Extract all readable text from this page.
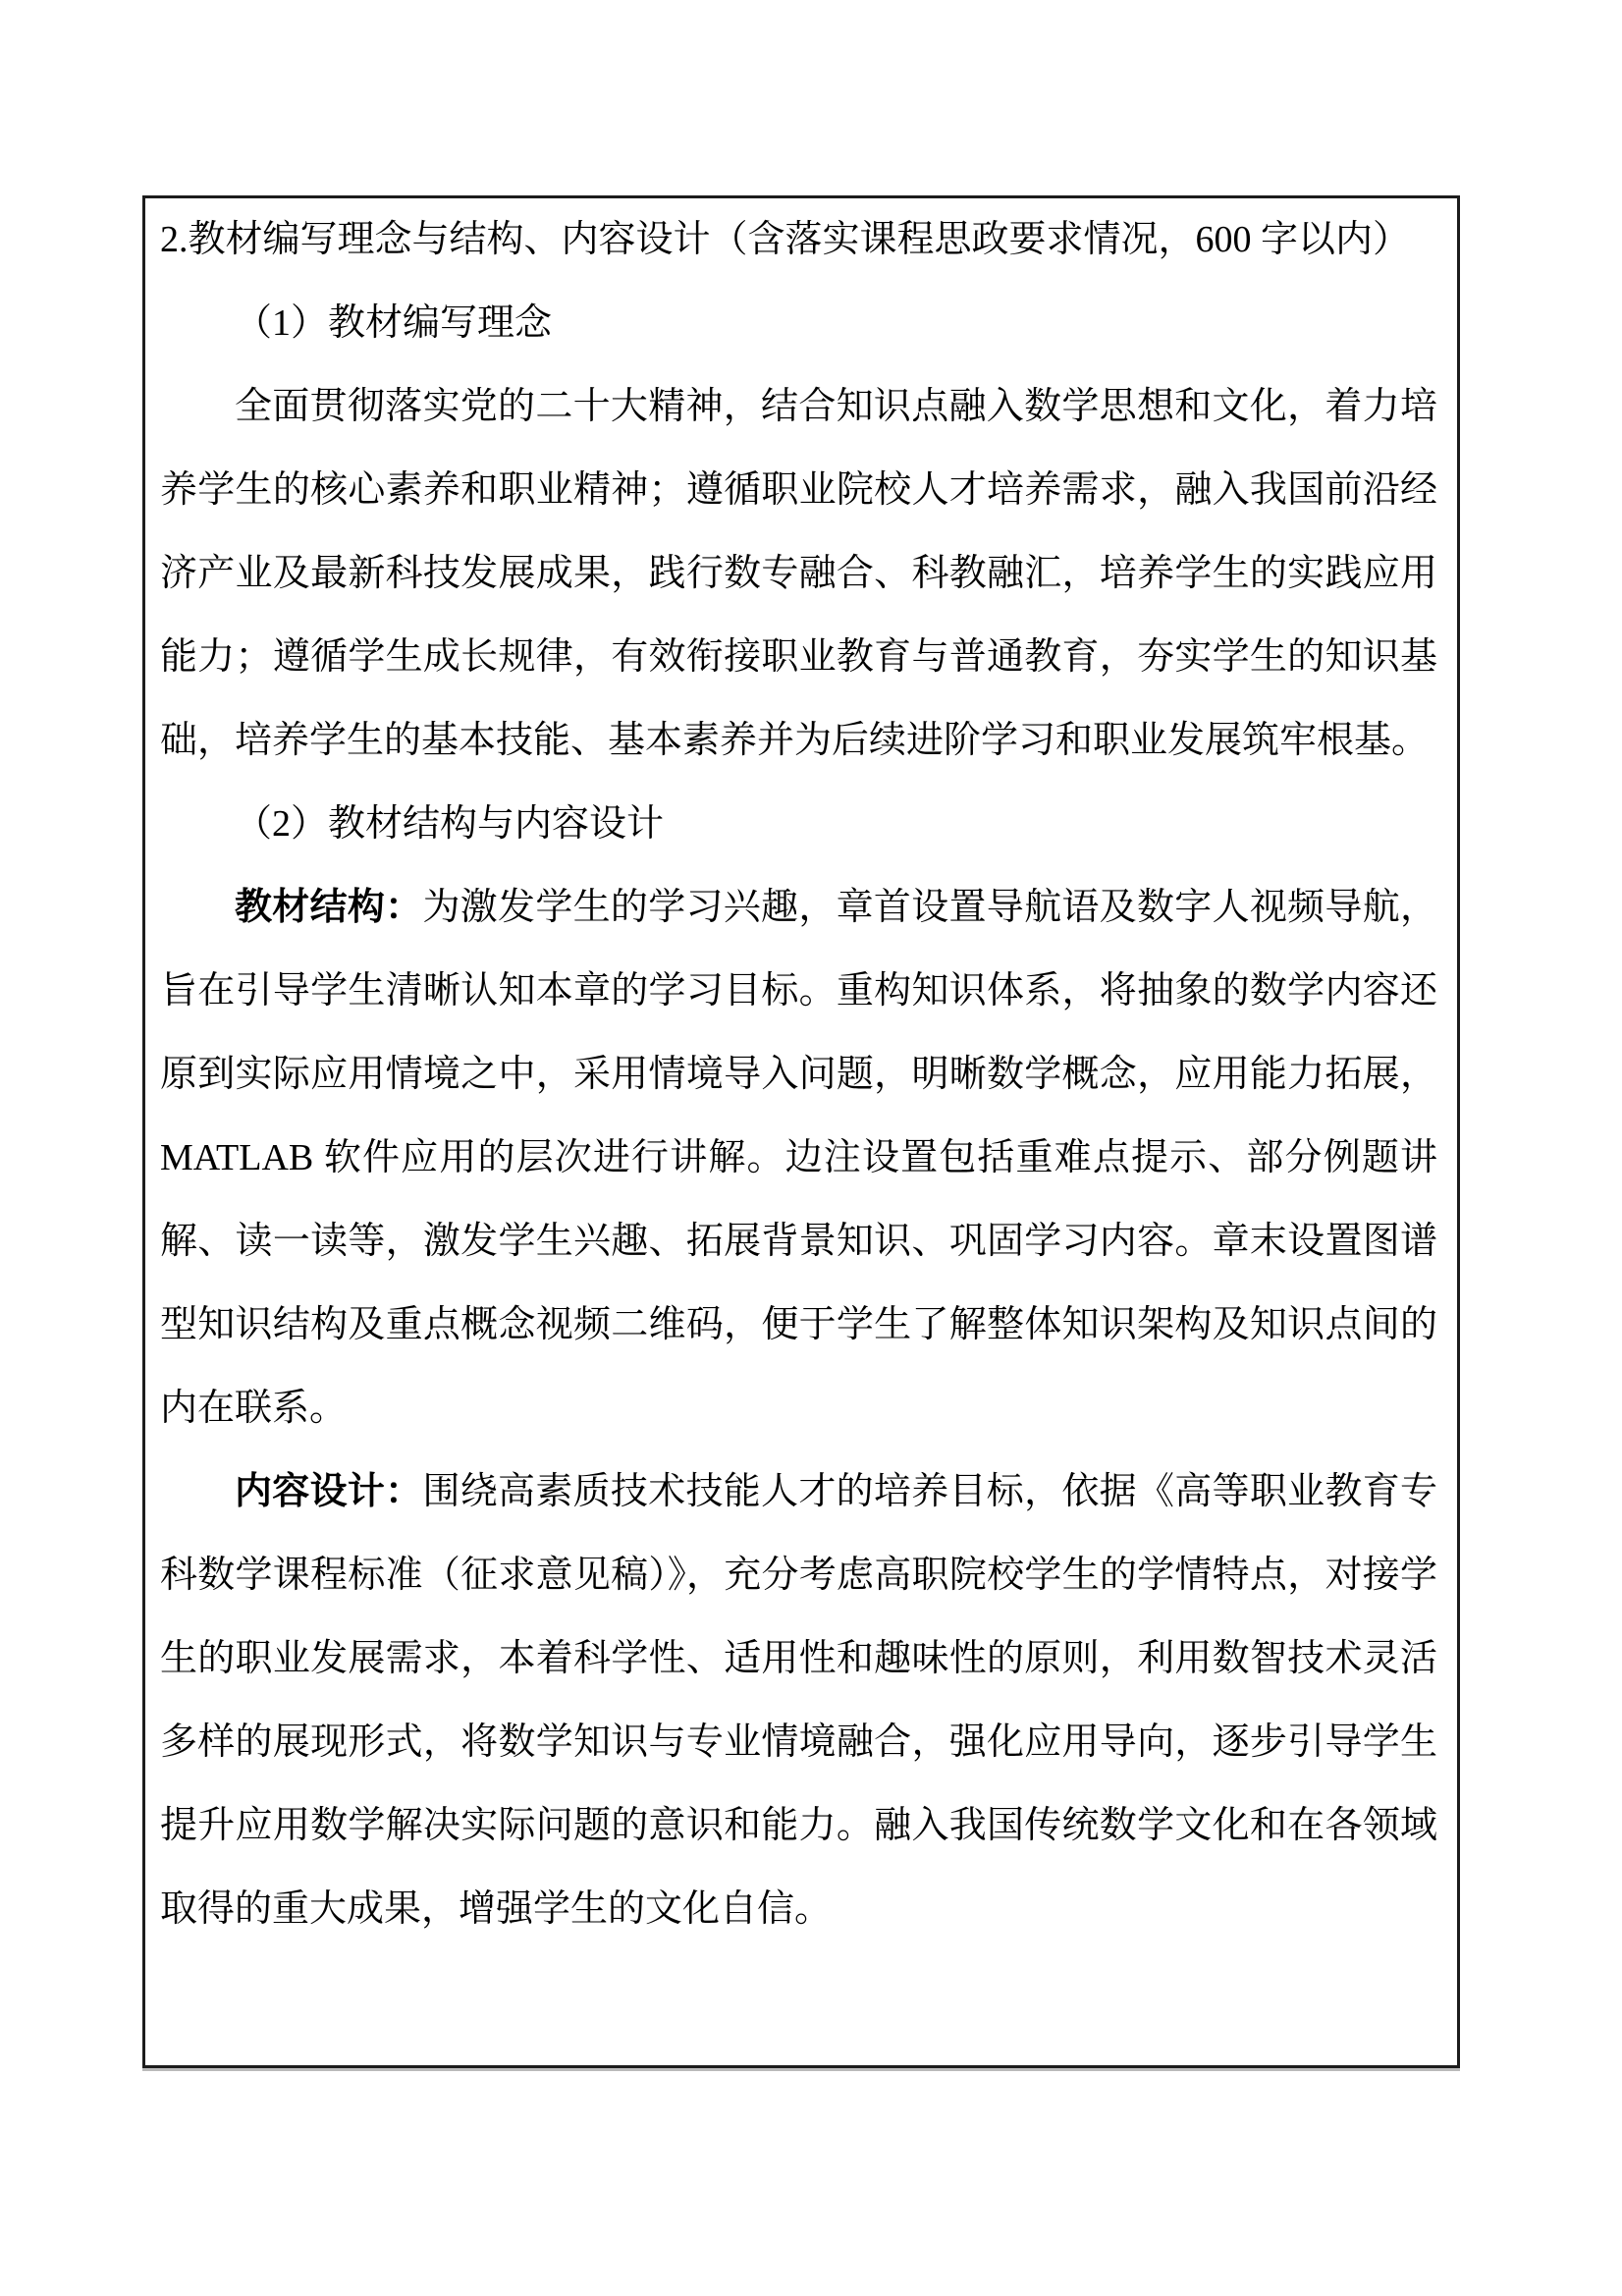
2.教材编写理念与结构、内容设计（含落实课程思政要求情况，600 字以内）

（1）教材编写理念

全面贯彻落实党的二十大精神，结合知识点融入数学思想和文化，着力培养学生的核心素养和职业精神；遵循职业院校人才培养需求，融入我国前沿经济产业及最新科技发展成果，践行数专融合、科教融汇，培养学生的实践应用能力；遵循学生成长规律，有效衔接职业教育与普通教育，夯实学生的知识基础，培养学生的基本技能、基本素养并为后续进阶学习和职业发展筑牢根基。

（2）教材结构与内容设计

教材结构：为激发学生的学习兴趣，章首设置导航语及数字人视频导航，旨在引导学生清晰认知本章的学习目标。重构知识体系，将抽象的数学内容还原到实际应用情境之中，采用情境导入问题，明晰数学概念，应用能力拓展，MATLAB 软件应用的层次进行讲解。边注设置包括重难点提示、部分例题讲解、读一读等，激发学生兴趣、拓展背景知识、巩固学习内容。章末设置图谱型知识结构及重点概念视频二维码，便于学生了解整体知识架构及知识点间的内在联系。

内容设计：围绕高素质技术技能人才的培养目标，依据《高等职业教育专科数学课程标准（征求意见稿）》，充分考虑高职院校学生的学情特点，对接学生的职业发展需求，本着科学性、适用性和趣味性的原则，利用数智技术灵活多样的展现形式，将数学知识与专业情境融合，强化应用导向，逐步引导学生提升应用数学解决实际问题的意识和能力。融入我国传统数学文化和在各领域取得的重大成果，增强学生的文化自信。
